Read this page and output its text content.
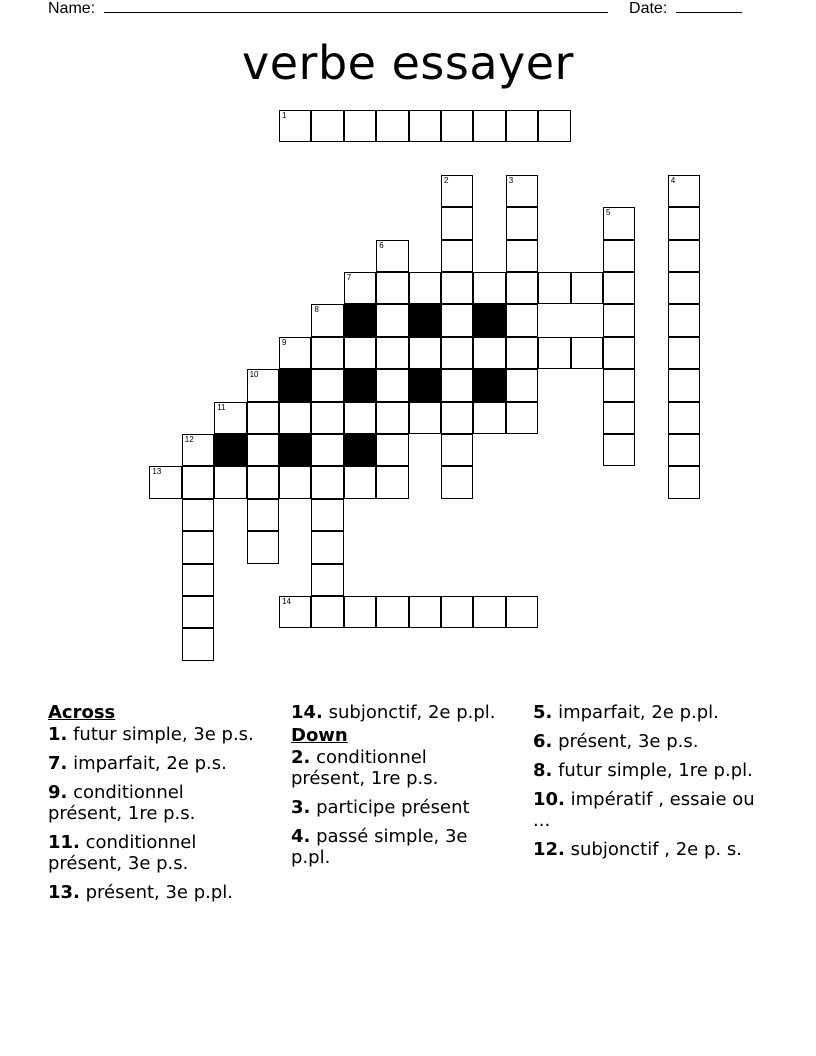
Name:	Date:
verbe essayer
1
2	3	4
5
6
7
8
9
10
11
12
13
14
Across
1. futur simple, 3e p.s.
7. imparfait, 2e p.s.
9. conditionnel présent, 1re p.s.
11. conditionnel présent, 3e p.s.
13. présent, 3e p.pl.
14. subjonctif, 2e p.pl.
Down
2. conditionnel présent, 1re p.s.
3. participe présent
4. passé simple, 3e p.pl.
5. imparfait, 2e p.pl.
6. présent, 3e p.s.
8. futur simple, 1re p.pl.
10. impératif , essaie ou ...
12. subjonctif , 2e p. s.
